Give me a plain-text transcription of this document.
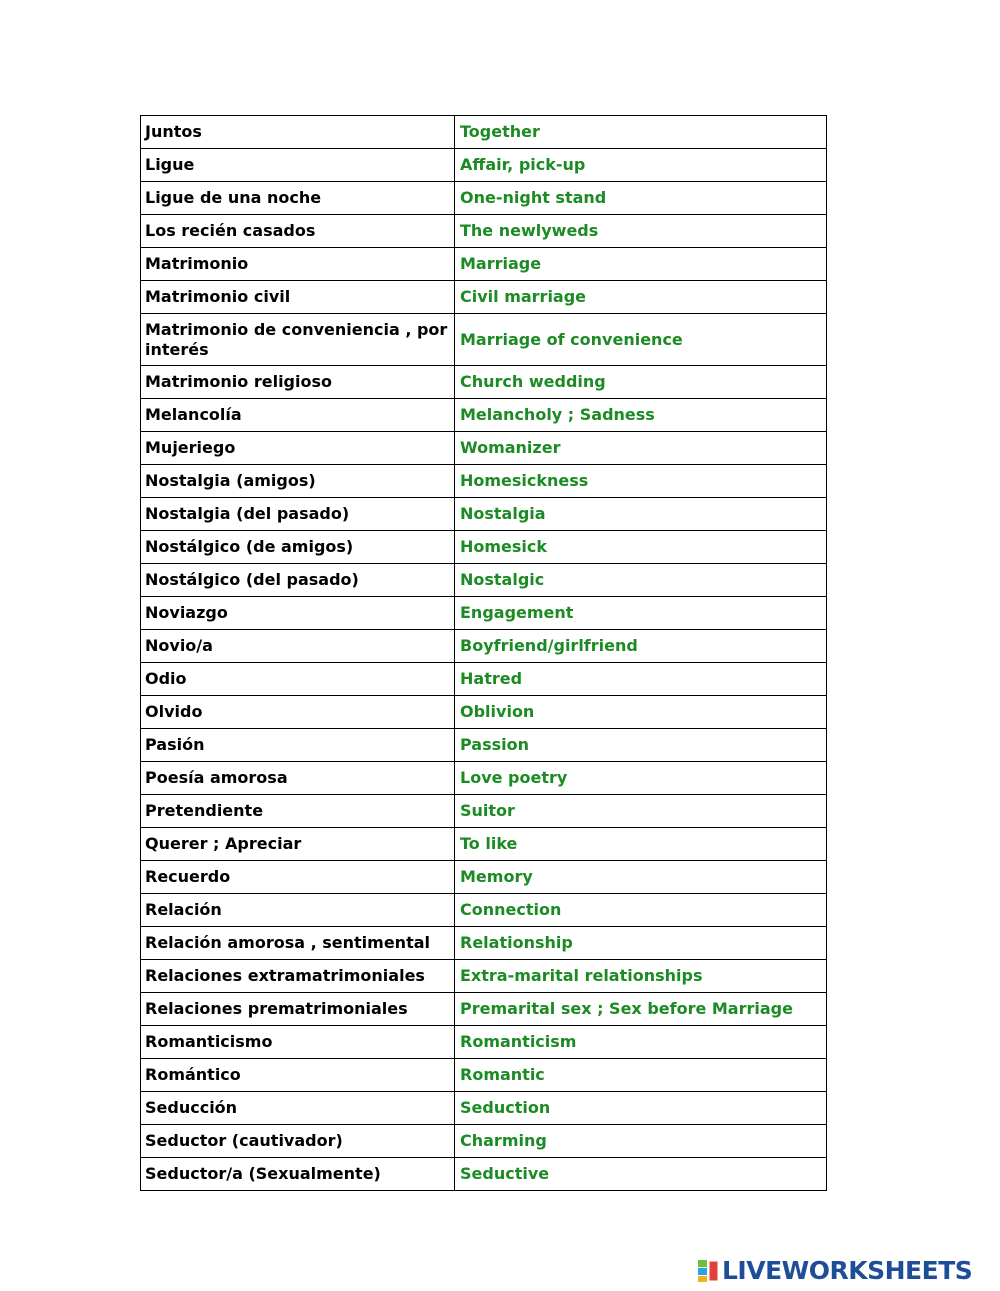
Juntos	Together
Ligue	Affair, pick-up
Ligue de una noche	One-night stand
Los recién casados	The newlyweds
Matrimonio	Marriage
Matrimonio civil	Civil marriage
Matrimonio de conveniencia , por interés	Marriage of convenience
Matrimonio religioso	Church wedding
Melancolía	Melancholy ; Sadness
Mujeriego	Womanizer
Nostalgia (amigos)	Homesickness
Nostalgia (del pasado)	Nostalgia
Nostálgico (de amigos)	Homesick
Nostálgico (del pasado)	Nostalgic
Noviazgo	Engagement
Novio/a	Boyfriend/girlfriend
Odio	Hatred
Olvido	Oblivion
Pasión	Passion
Poesía amorosa	Love poetry
Pretendiente	Suitor
Querer ; Apreciar	To like
Recuerdo	Memory
Relación	Connection
Relación amorosa , sentimental	Relationship
Relaciones extramatrimoniales	Extra-marital relationships
Relaciones prematrimoniales	Premarital sex ; Sex before Marriage
Romanticismo	Romanticism
Romántico	Romantic
Seducción	Seduction
Seductor (cautivador)	Charming
Seductor/a (Sexualmente)	Seductive
LIVEWORKSHEETS
